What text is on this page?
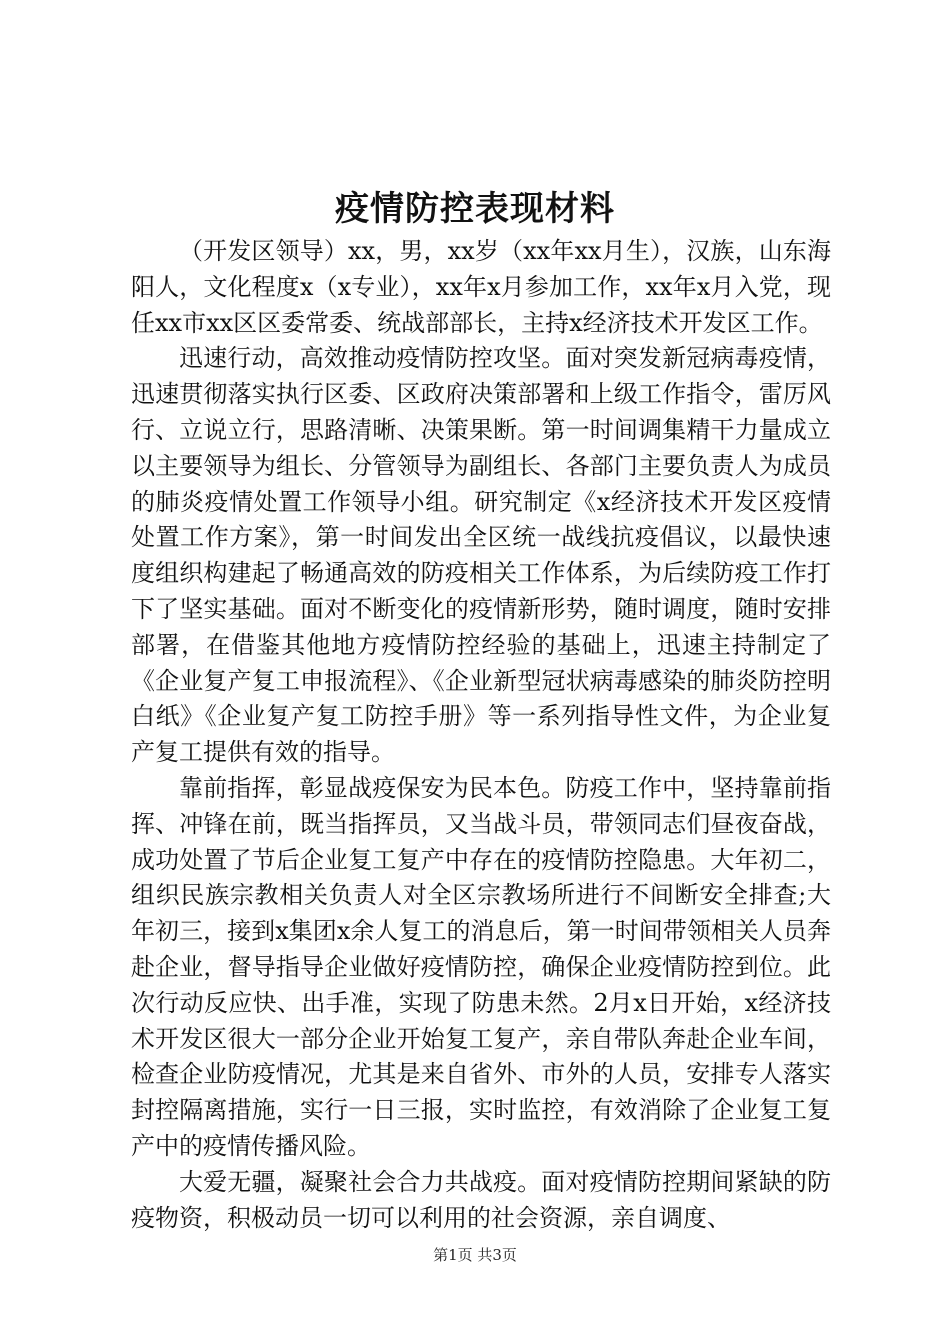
疫情防控表现材料

（开发区领导）xx，男，xx岁（xx年xx月生），汉族，山东海阳人，文化程度x（x专业），xx年x月参加工作，xx年x月入党，现任xx市xx区区委常委、统战部部长，主持x经济技术开发区工作。

迅速行动，高效推动疫情防控攻坚。面对突发新冠病毒疫情，迅速贯彻落实执行区委、区政府决策部署和上级工作指令，雷厉风行、立说立行，思路清晰、决策果断。第一时间调集精干力量成立以主要领导为组长、分管领导为副组长、各部门主要负责人为成员的肺炎疫情处置工作领导小组。研究制定《x经济技术开发区疫情处置工作方案》，第一时间发出全区统一战线抗疫倡议，以最快速度组织构建起了畅通高效的防疫相关工作体系，为后续防疫工作打下了坚实基础。面对不断变化的疫情新形势，随时调度，随时安排部署，在借鉴其他地方疫情防控经验的基础上，迅速主持制定了《企业复产复工申报流程》、《企业新型冠状病毒感染的肺炎防控明白纸》《企业复产复工防控手册》等一系列指导性文件，为企业复产复工提供有效的指导。

靠前指挥，彰显战疫保安为民本色。防疫工作中，坚持靠前指挥、冲锋在前，既当指挥员，又当战斗员，带领同志们昼夜奋战，成功处置了节后企业复工复产中存在的疫情防控隐患。大年初二，组织民族宗教相关负责人对全区宗教场所进行不间断安全排查;大年初三，接到x集团x余人复工的消息后，第一时间带领相关人员奔赴企业，督导指导企业做好疫情防控，确保企业疫情防控到位。此次行动反应快、出手准，实现了防患未然。2月x日开始，x经济技术开发区很大一部分企业开始复工复产，亲自带队奔赴企业车间，检查企业防疫情况，尤其是来自省外、市外的人员，安排专人落实封控隔离措施，实行一日三报，实时监控，有效消除了企业复工复产中的疫情传播风险。

大爱无疆，凝聚社会合力共战疫。面对疫情防控期间紧缺的防疫物资，积极动员一切可以利用的社会资源，亲自调度、

第1页 共3页
